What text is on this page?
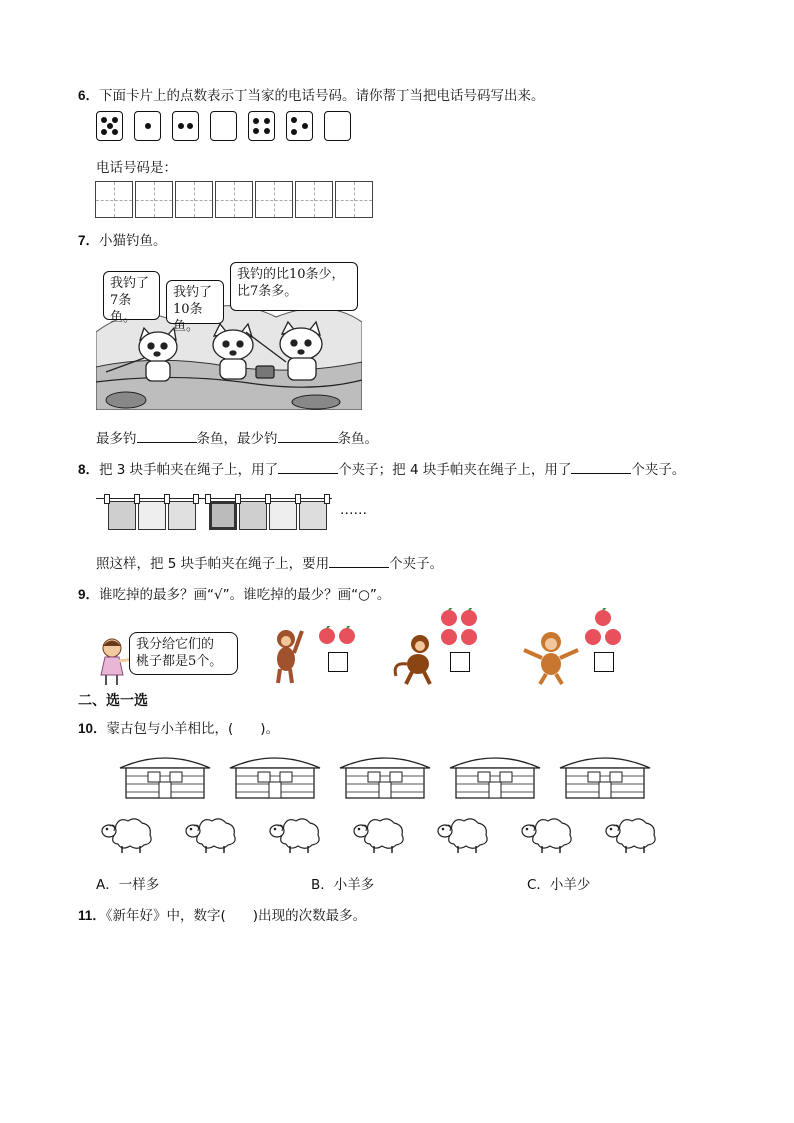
6．下面卡片上的点数表示丁当家的电话号码。请你帮丁当把电话号码写出来。
电话号码是：
7．小猫钓鱼。
我钓了
7条鱼。
我钓了
10条鱼。
我钓的比10条少，
比7条多。
最多钓	条鱼，最少钓	条鱼。
8．把 3 块手帕夹在绳子上，用了	个夹子；把 4 块手帕夹在绳子上，用了	个夹子。
……
照这样，把 5 块手帕夹在绳子上，要用	个夹子。
9．谁吃掉的最多？画“√”。谁吃掉的最少？画“○”。
我分给它们的
桃子都是5个。
二、选一选
10．蒙古包与小羊相比，(　　)。
A．一样多	B．小羊多	C．小羊少
11．《新年好》中，数字(　　)出现的次数最多。
